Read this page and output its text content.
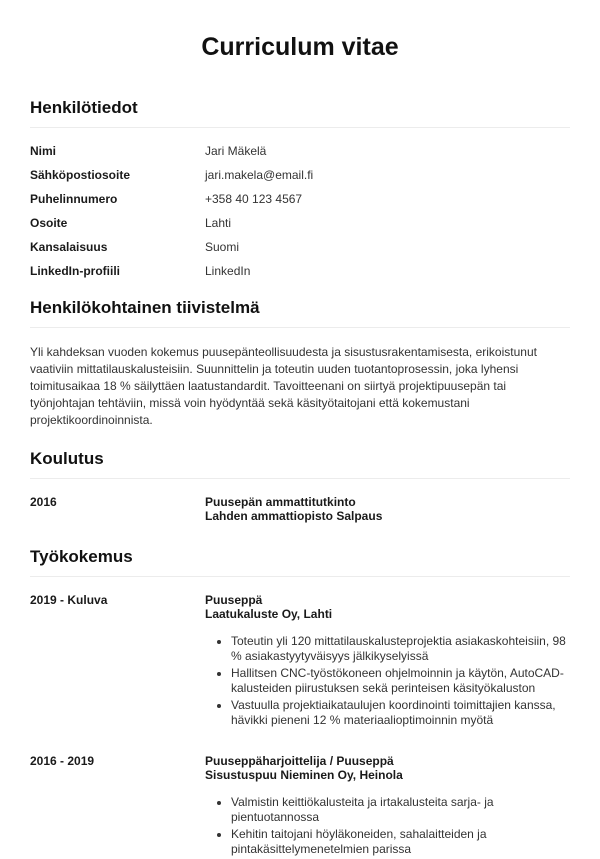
Curriculum vitae
Henkilötiedot
Nimi	Jari Mäkelä
Sähköpostiosoite	jari.makela@email.fi
Puhelinnumero	+358 40 123 4567
Osoite	Lahti
Kansalaisuus	Suomi
LinkedIn-profiili	LinkedIn
Henkilökohtainen tiivistelmä

Yli kahdeksan vuoden kokemus puusepänteollisuudesta ja sisustusrakentamisesta, erikoistunut vaativiin mittatilauskalusteisiin. Suunnittelin ja toteutin uuden tuotantoprosessin, joka lyhensi toimitusaikaa 18 % säilyttäen laatustandardit. Tavoitteenani on siirtyä projektipuusepän tai työnjohtajan tehtäviin, missä voin hyödyntää sekä käsityötaitojani että kokemustani projektikoordinoinnista.

Koulutus
2016	Puusepän ammattitutkinto
Lahden ammattiopisto Salpaus
Työkokemus
2019 - Kuluva	Puuseppä
Laatukaluste Oy, Lahti
• Toteutin yli 120 mittatilauskalusteprojektia asiakaskohteisiin, 98 % asiakastyytyväisyys jälkikyselyissä
• Hallitsen CNC-työstökoneen ohjelmoinnin ja käytön, AutoCAD-kalusteiden piirustuksen sekä perinteisen käsityökaluston
• Vastuulla projektiaikataulujen koordinointi toimittajien kanssa, hävikki pieneni 12 % materiaalioptimoinnin myötä
2016 - 2019	Puuseppäharjoittelija / Puuseppä
Sisustuspuu Nieminen Oy, Heinola
• Valmistin keittiökalusteita ja irtakalusteita sarja- ja pientuotannossa
• Kehitin taitojani höyläkoneiden, sahalaitteiden ja pintakäsittelymenetelmien parissa
